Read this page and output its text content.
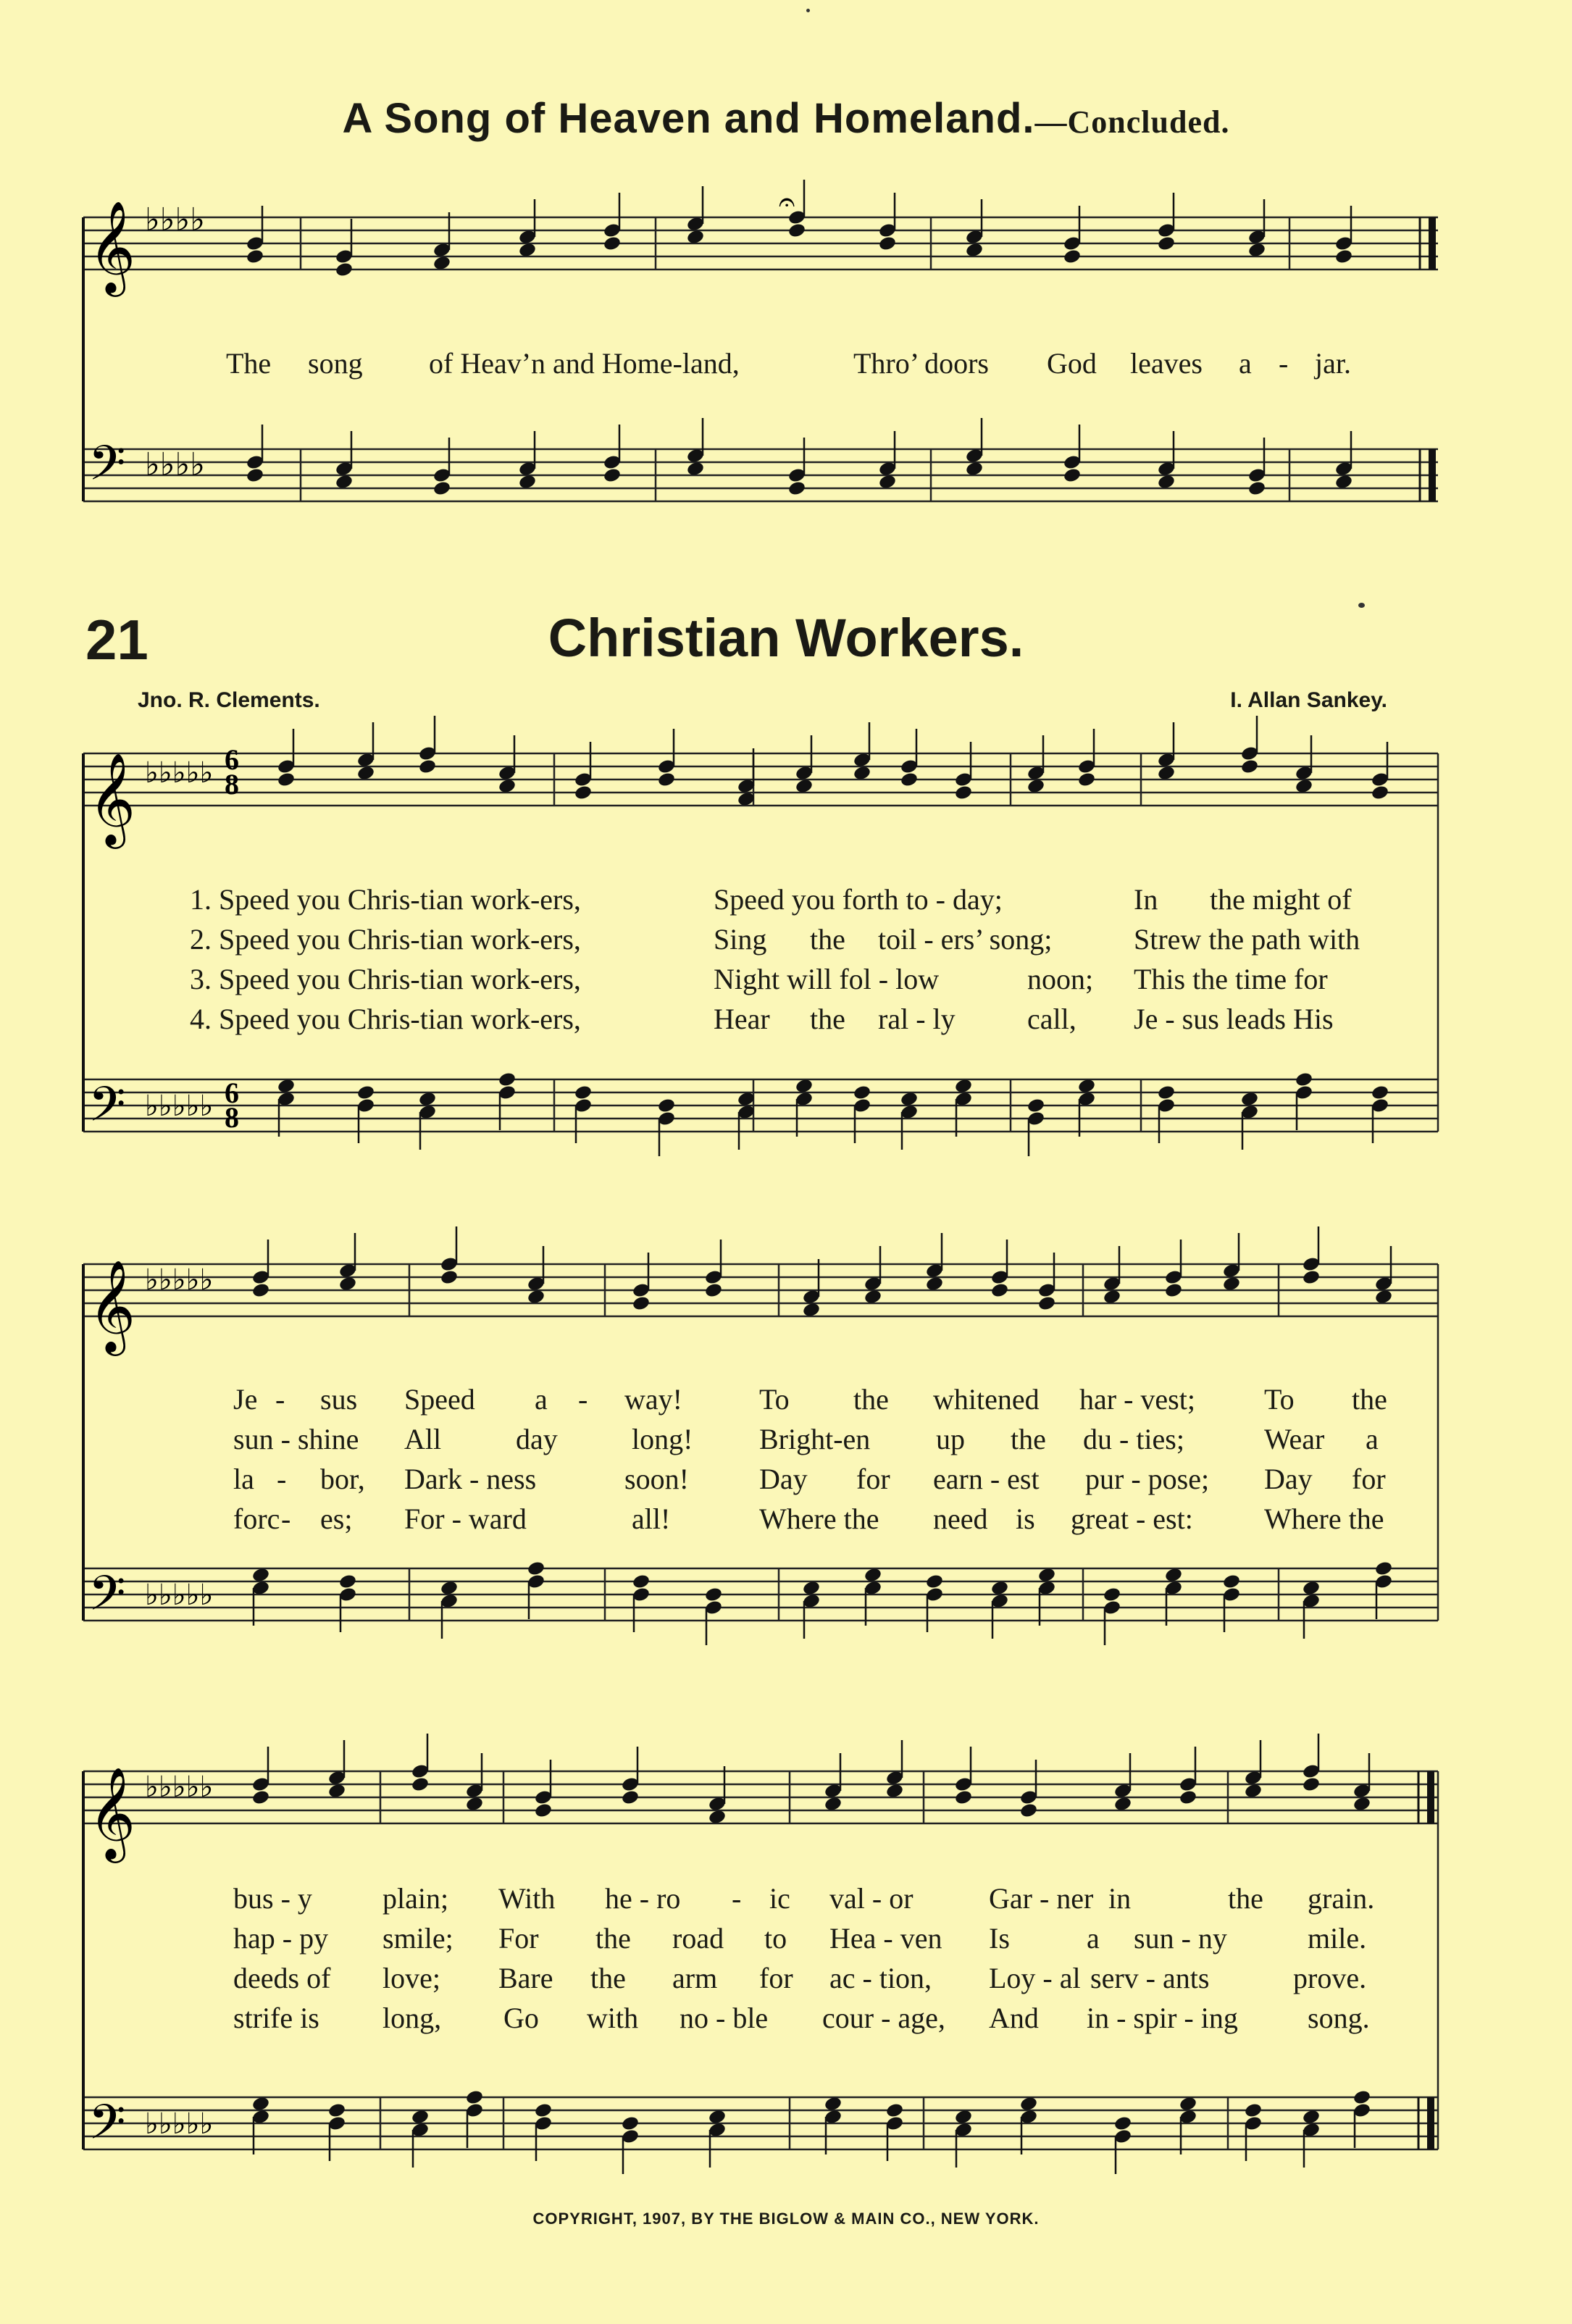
A Song of Heaven and Homeland.—Concluded.
𝄞
𝄢
♭♭♭♭
♭♭♭♭
𝄐
The song of Heav’n and Home-land,	Thro’ doors God leaves a - jar.
21	Christian Workers.
Jno. R. Clements.	I. Allan Sankey.
𝄞
𝄢
♭♭♭♭♭
♭♭♭♭♭
6
8
6
8
𝄞
𝄢
♭♭♭♭♭
♭♭♭♭♭
𝄞
𝄢
♭♭♭♭♭
♭♭♭♭♭
1. Speed you Chris-tian work-ers,	Speed you forth to - day;	In the might of
2. Speed you Chris-tian work-ers,	Sing the toil - ers’ song;	Strew the path with
3. Speed you Chris-tian work-ers,	Night will fol - low	noon; This the time for
4. Speed you Chris-tian work-ers,	Hear the ral - ly call, Je - sus leads His
Je - sus Speed a - way!	To the whitened har - vest; To the
sun - shine All	day	long! Bright-en up the du - ties;	Wear a
la - bor, Dark - ness	soon! Day for earn - est pur - pose; Day for
forc - es; For - ward	all!	Where the need is great - est: Where the
bus - y plain; With he - ro - ic val - or	Gar - ner in	the grain.
hap - py smile; For the road to Hea - ven Is	a sun - ny	mile.
deeds of love; Bare the arm for ac - tion, Loy - al serv - ants	prove.
strife is long, Go with no - ble cour - age, And in - spir - ing song.
COPYRIGHT, 1907, BY THE BIGLOW & MAIN CO., NEW YORK.
